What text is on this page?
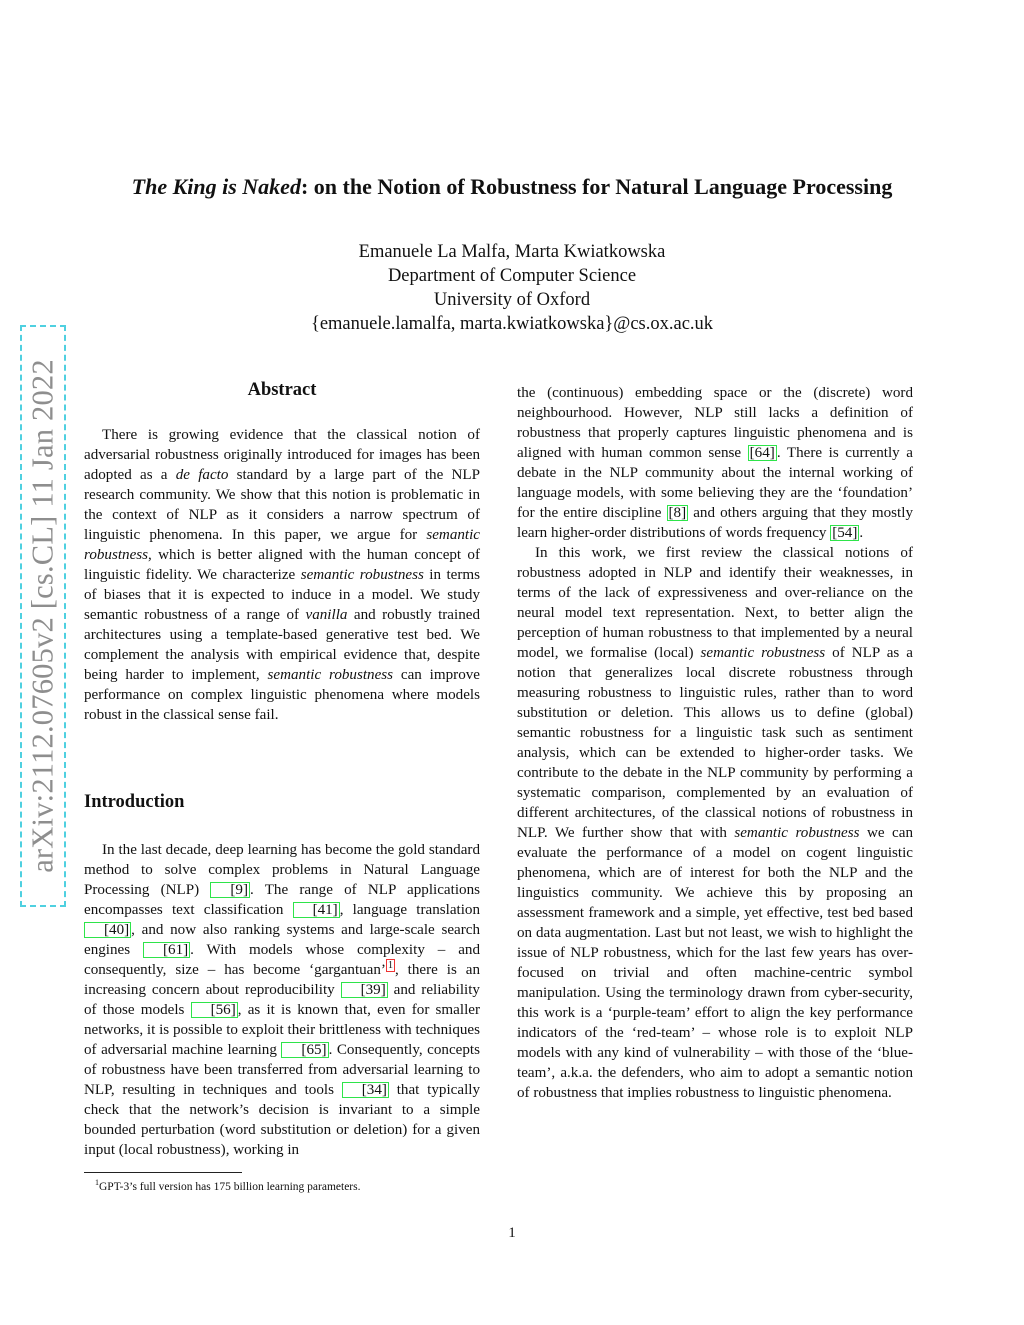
arXiv:2112.07605v2 [cs.CL] 11 Jan 2022
The King is Naked: on the Notion of Robustness for Natural Language Processing
Emanuele La Malfa, Marta Kwiatkowska
Department of Computer Science
University of Oxford
{emanuele.lamalfa, marta.kwiatkowska}@cs.ox.ac.uk
Abstract

There is growing evidence that the classical notion of adversarial robustness originally introduced for images has been adopted as a de facto standard by a large part of the NLP research community. We show that this notion is problematic in the context of NLP as it considers a narrow spectrum of linguistic phenomena. In this paper, we argue for semantic robustness, which is better aligned with the human concept of linguistic fidelity. We characterize semantic robustness in terms of biases that it is expected to induce in a model. We study semantic robustness of a range of vanilla and robustly trained architectures using a template-based generative test bed. We complement the analysis with empirical evidence that, despite being harder to implement, semantic robustness can improve performance on complex linguistic phenomena where models robust in the classical sense fail.

Introduction

In the last decade, deep learning has become the gold standard method to solve complex problems in Natural Language Processing (NLP) [9] . The range of NLP applications encompasses text classification [41] , language translation [40] , and now also ranking systems and large-scale search engines [61] . With models whose complexity – and consequently, size – has become ‘gargantuan’ $^1$ , there is an increasing concern about reproducibility [39] and reliability of those models [56] , as it is known that, even for smaller networks, it is possible to exploit their brittleness with techniques of adversarial machine learning [65] . Consequently, concepts of robustness have been transferred from adversarial learning to NLP, resulting in techniques and tools [34] that typically check that the network’s decision is invariant to a simple bounded perturbation (word substitution or deletion) for a given input (local robustness), working in

the (continuous) embedding space or the (discrete) word neighbourhood. However, NLP still lacks a definition of robustness that properly captures linguistic phenomena and is aligned with human common sense [64] . There is currently a debate in the NLP community about the internal working of language models, with some believing they are the ‘foundation’ for the entire discipline [8] and others arguing that they mostly learn higher-order distributions of words frequency [54] .

In this work, we first review the classical notions of robustness adopted in NLP and identify their weaknesses, in terms of the lack of expressiveness and over-reliance on the neural model text representation. Next, to better align the perception of human robustness to that implemented by a neural model, we formalise (local) semantic robustness of NLP as a notion that generalizes local discrete robustness through measuring robustness to linguistic rules, rather than to word substitution or deletion. This allows us to define (global) semantic robustness for a linguistic task such as sentiment analysis, which can be extended to higher-order tasks. We contribute to the debate in the NLP community by performing a systematic comparison, complemented by an evaluation of different architectures, of the classical notions of robustness in NLP. We further show that with semantic robustness we can evaluate the performance of a model on cogent linguistic phenomena, which are of interest for both the NLP and the linguistics community. We achieve this by proposing an assessment framework and a simple, yet effective, test bed based on data augmentation. Last but not least, we wish to highlight the issue of NLP robustness, which for the last few years has over-focused on trivial and often machine-centric symbol manipulation. Using the terminology drawn from cyber-security, this work is a ‘purple-team’ effort to align the key performance indicators of the ‘red-team’ – whose role is to exploit NLP models with any kind of vulnerability – with those of the ‘blue-team’, a.k.a. the defenders, who aim to adopt a semantic notion of robustness that implies robustness to linguistic phenomena.

$^1$GPT-3’s full version has 175 billion learning parameters.
1
